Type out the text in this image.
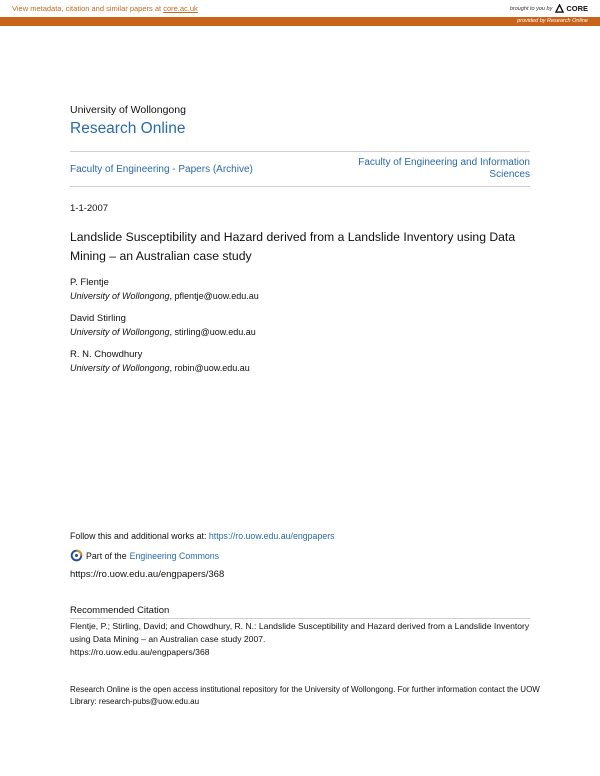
View metadata, citation and similar papers at core.ac.uk	brought to you by CORE
provided by Research Online
University of Wollongong
Research Online
Faculty of Engineering - Papers (Archive)
Faculty of Engineering and Information Sciences
1-1-2007
Landslide Susceptibility and Hazard derived from a Landslide Inventory using Data Mining – an Australian case study
P. Flentje
University of Wollongong, pflentje@uow.edu.au
David Stirling
University of Wollongong, stirling@uow.edu.au
R. N. Chowdhury
University of Wollongong, robin@uow.edu.au
Follow this and additional works at: https://ro.uow.edu.au/engpapers
Part of the Engineering Commons
https://ro.uow.edu.au/engpapers/368
Recommended Citation
Flentje, P.; Stirling, David; and Chowdhury, R. N.: Landslide Susceptibility and Hazard derived from a Landslide Inventory using Data Mining – an Australian case study 2007.
https://ro.uow.edu.au/engpapers/368
Research Online is the open access institutional repository for the University of Wollongong. For further information contact the UOW Library: research-pubs@uow.edu.au
